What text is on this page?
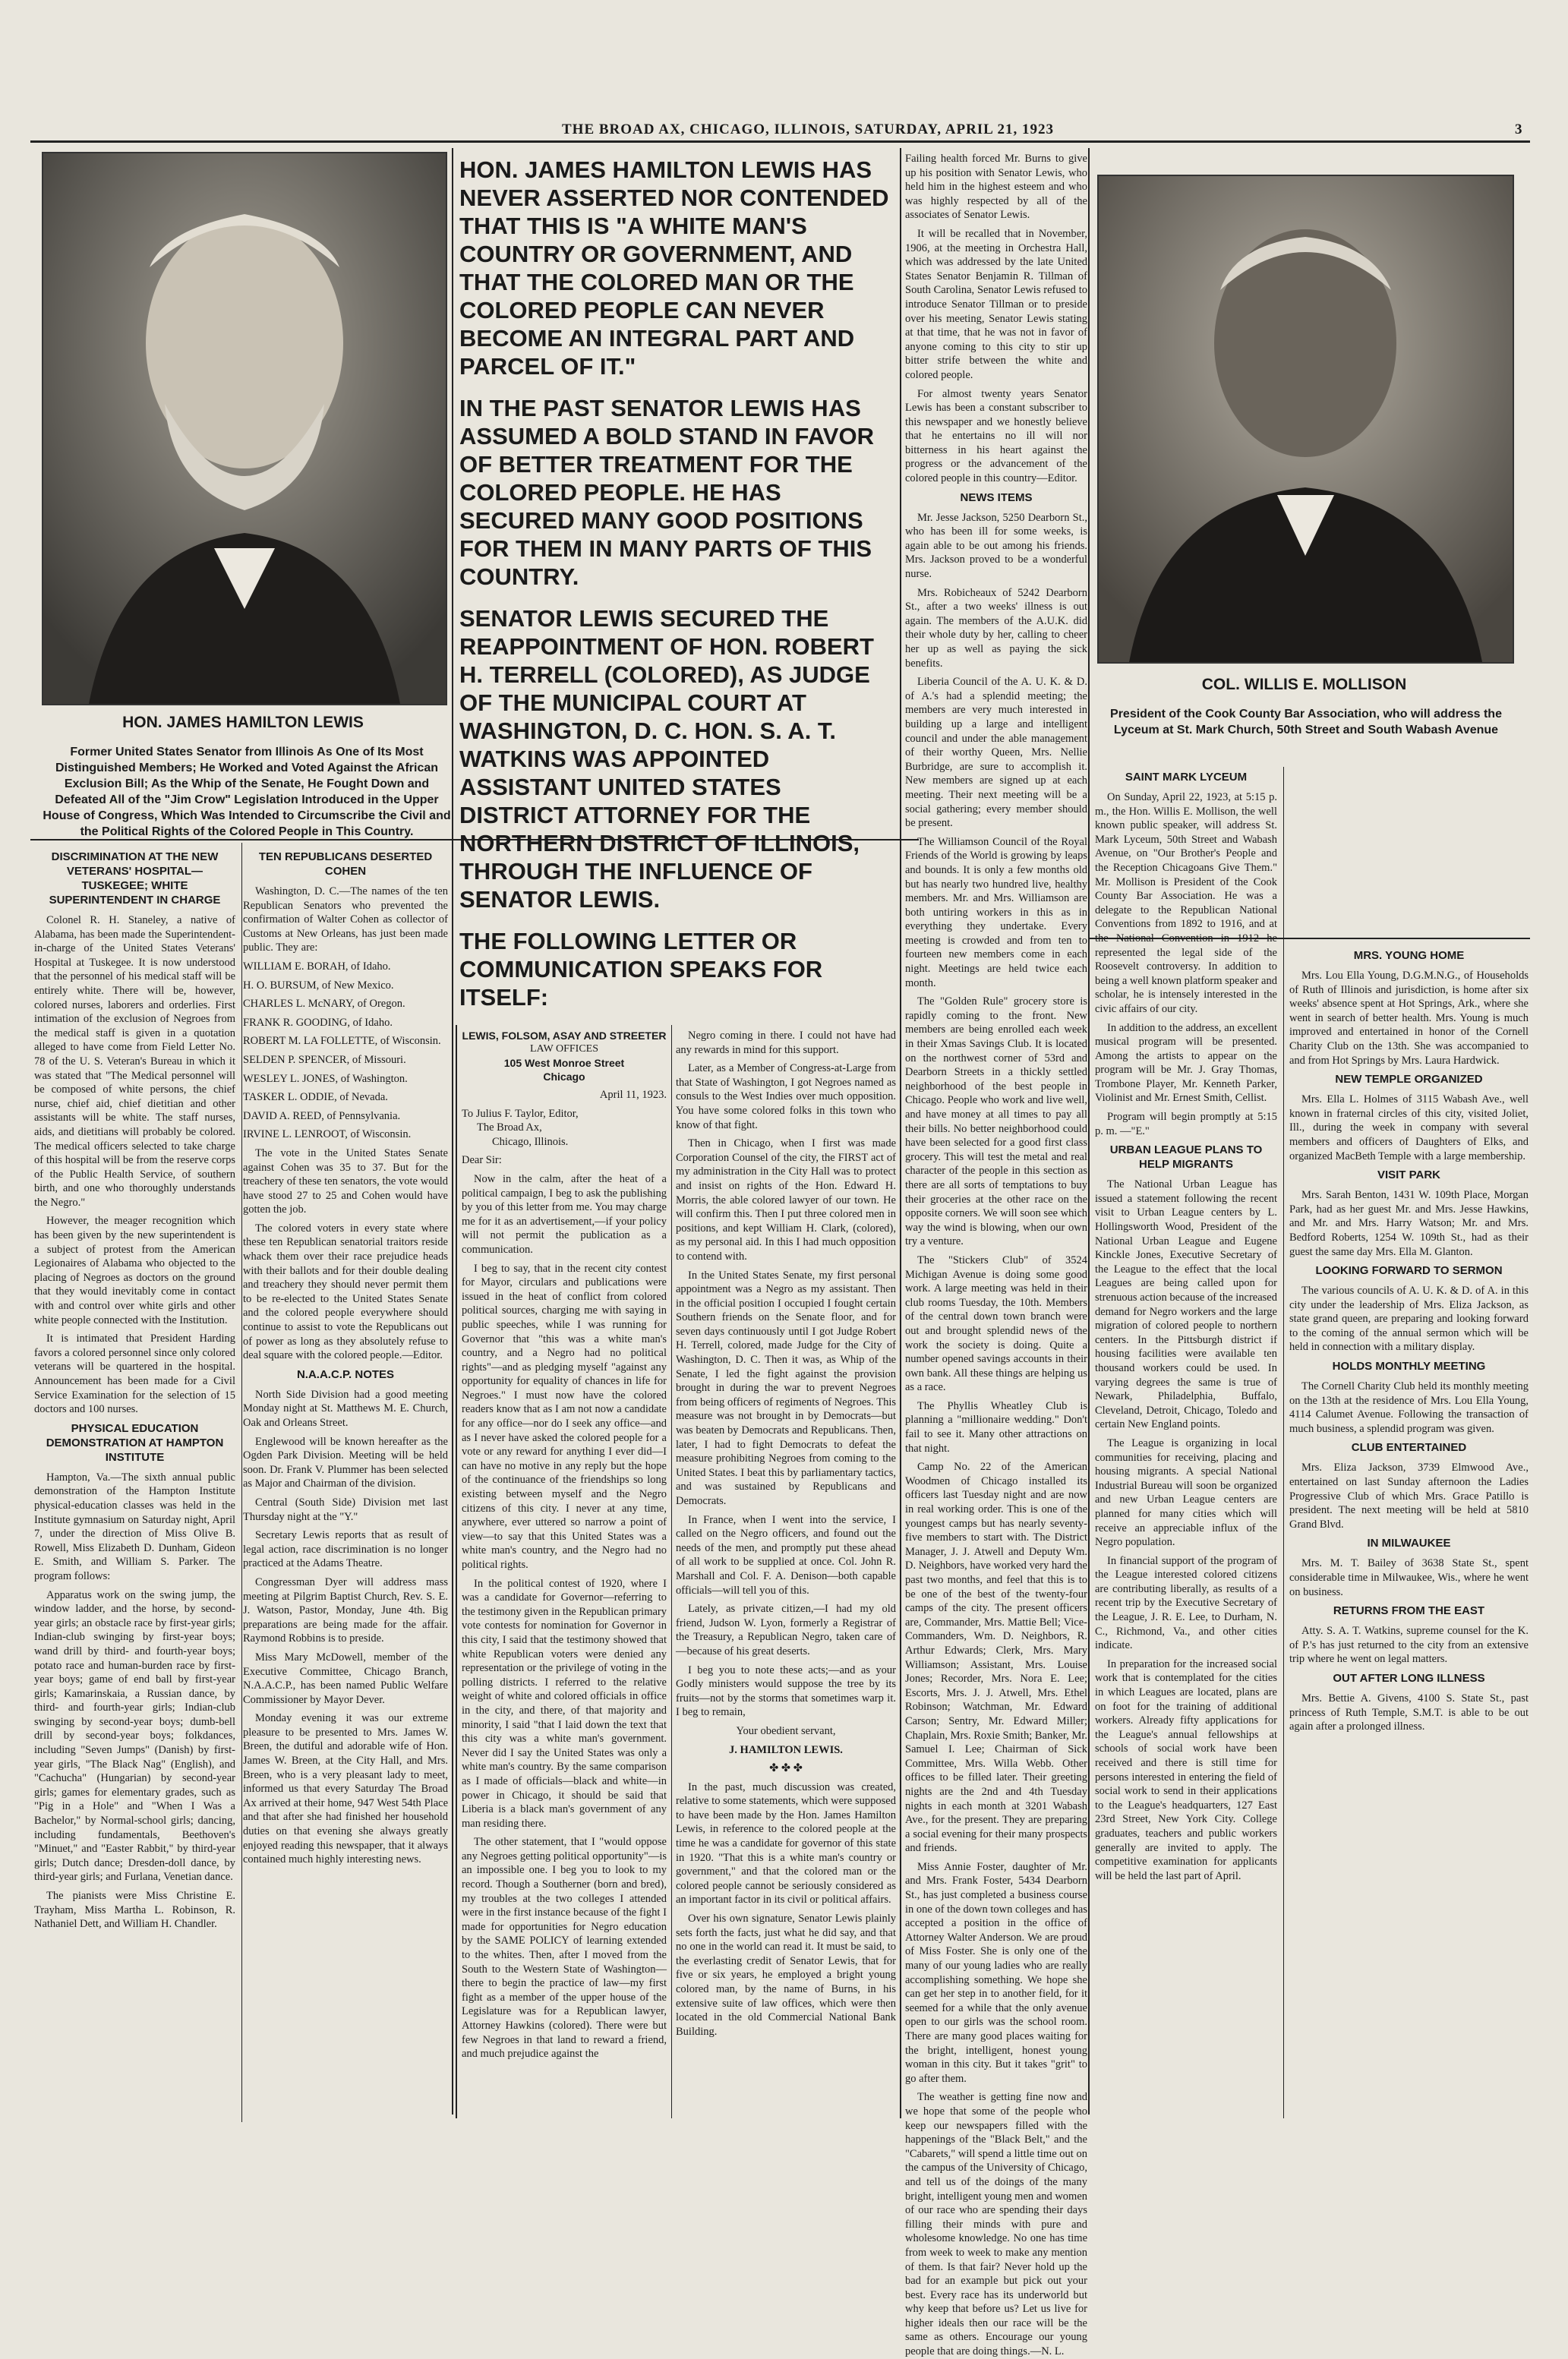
THE BROAD AX, CHICAGO, ILLINOIS, SATURDAY, APRIL 21, 1923	3
HON. JAMES HAMILTON LEWIS
Former United States Senator from Illinois As One of Its Most Distinguished Members; He Worked and Voted Against the African Exclusion Bill; As the Whip of the Senate, He Fought Down and Defeated All of the "Jim Crow" Legislation Introduced in the Upper House of Congress, Which Was Intended to Circumscribe the Civil and the Political Rights of the Colored People in This Country.
COL. WILLIS E. MOLLISON
President of the Cook County Bar Association, who will address the Lyceum at St. Mark Church, 50th Street and South Wabash Avenue
HON. JAMES HAMILTON LEWIS HAS NEVER ASSERTED NOR CONTENDED THAT THIS IS "A WHITE MAN'S COUNTRY OR GOVERNMENT, AND THAT THE COLORED MAN OR THE COLORED PEOPLE CAN NEVER BECOME AN INTEGRAL PART AND PARCEL OF IT."
IN THE PAST SENATOR LEWIS HAS ASSUMED A BOLD STAND IN FAVOR OF BETTER TREATMENT FOR THE COLORED PEOPLE. HE HAS SECURED MANY GOOD POSITIONS FOR THEM IN MANY PARTS OF THIS COUNTRY.
SENATOR LEWIS SECURED THE REAPPOINTMENT OF HON. ROBERT H. TERRELL (COLORED), AS JUDGE OF THE MUNICIPAL COURT AT WASHINGTON, D. C. HON. S. A. T. WATKINS WAS APPOINTED ASSISTANT UNITED STATES DISTRICT ATTORNEY FOR THE NORTHERN DISTRICT OF ILLINOIS, THROUGH THE INFLUENCE OF SENATOR LEWIS.
THE FOLLOWING LETTER OR COMMUNICATION SPEAKS FOR ITSELF:
DISCRIMINATION AT THE NEW VETERANS' HOSPITAL—TUSKEGEE; WHITE SUPERINTENDENT IN CHARGE

Colonel R. H. Staneley, a native of Alabama, has been made the Superintendent-in-charge of the United States Veterans' Hospital at Tuskegee. It is now understood that the personnel of his medical staff will be entirely white. There will be, however, colored nurses, laborers and orderlies. First intimation of the exclusion of Negroes from the medical staff is given in a quotation alleged to have come from Field Letter No. 78 of the U. S. Veteran's Bureau in which it was stated that "The Medical personnel will be composed of white persons, the chief nurse, chief aid, chief dietitian and other assistants will be white. The staff nurses, aids, and dietitians will probably be colored. The medical officers selected to take charge of this hospital will be from the reserve corps of the Public Health Service, of southern birth, and one who thoroughly understands the Negro."

However, the meager recognition which has been given by the new superintendent is a subject of protest from the American Legionaires of Alabama who objected to the placing of Negroes as doctors on the ground that they would inevitably come in contact with and control over white girls and other white people connected with the Institution.

It is intimated that President Harding favors a colored personnel since only colored veterans will be quartered in the hospital. Announcement has been made for a Civil Service Examination for the selection of 15 doctors and 100 nurses.

PHYSICAL EDUCATION DEMONSTRATION AT HAMPTON INSTITUTE

Hampton, Va.—The sixth annual public demonstration of the Hampton Institute physical-education classes was held in the Institute gymnasium on Saturday night, April 7, under the direction of Miss Olive B. Rowell, Miss Elizabeth D. Dunham, Gideon E. Smith, and William S. Parker. The program follows:

Apparatus work on the swing jump, the window ladder, and the horse, by second-year girls; an obstacle race by first-year girls; Indian-club swinging by first-year boys; wand drill by third- and fourth-year boys; potato race and human-burden race by first-year boys; game of end ball by first-year girls; Kamarinskaia, a Russian dance, by third- and fourth-year girls; Indian-club swinging by second-year boys; dumb-bell drill by second-year boys; folkdances, including "Seven Jumps" (Danish) by first-year girls, "The Black Nag" (English), and "Cachucha" (Hungarian) by second-year girls; games for elementary grades, such as "Pig in a Hole" and "When I Was a Bachelor," by Normal-school girls; dancing, including fundamentals, Beethoven's "Minuet," and "Easter Rabbit," by third-year girls; Dutch dance; Dresden-doll dance, by third-year girls; and Furlana, Venetian dance.

The pianists were Miss Christine E. Trayham, Miss Martha L. Robinson, R. Nathaniel Dett, and William H. Chandler.

TEN REPUBLICANS DESERTED COHEN

Washington, D. C.—The names of the ten Republican Senators who prevented the confirmation of Walter Cohen as collector of Customs at New Orleans, has just been made public. They are:

WILLIAM E. BORAH, of Idaho.

H. O. BURSUM, of New Mexico.

CHARLES L. McNARY, of Oregon.

FRANK R. GOODING, of Idaho.

ROBERT M. LA FOLLETTE, of Wisconsin.

SELDEN P. SPENCER, of Missouri.

WESLEY L. JONES, of Washington.

TASKER L. ODDIE, of Nevada.

DAVID A. REED, of Pennsylvania.

IRVINE L. LENROOT, of Wisconsin.

The vote in the United States Senate against Cohen was 35 to 37. But for the treachery of these ten senators, the vote would have stood 27 to 25 and Cohen would have gotten the job.

The colored voters in every state where these ten Republican senatorial traitors reside whack them over their race prejudice heads with their ballots and for their double dealing and treachery they should never permit them to be re-elected to the United States Senate and the colored people everywhere should continue to assist to vote the Republicans out of power as long as they absolutely refuse to deal square with the colored people.—Editor.

N.A.A.C.P. NOTES

North Side Division had a good meeting Monday night at St. Matthews M. E. Church, Oak and Orleans Street.

Englewood will be known hereafter as the Ogden Park Division. Meeting will be held soon. Dr. Frank V. Plummer has been selected as Major and Chairman of the division.

Central (South Side) Division met last Thursday night at the "Y."

Secretary Lewis reports that as result of legal action, race discrimination is no longer practiced at the Adams Theatre.

Congressman Dyer will address mass meeting at Pilgrim Baptist Church, Rev. S. E. J. Watson, Pastor, Monday, June 4th. Big preparations are being made for the affair. Raymond Robbins is to preside.

Miss Mary McDowell, member of the Executive Committee, Chicago Branch, N.A.A.C.P., has been named Public Welfare Commissioner by Mayor Dever.

Monday evening it was our extreme pleasure to be presented to Mrs. James W. Breen, the dutiful and adorable wife of Hon. James W. Breen, at the City Hall, and Mrs. Breen, who is a very pleasant lady to meet, informed us that every Saturday The Broad Ax arrived at their home, 947 West 54th Place and that after she had finished her household duties on that evening she always greatly enjoyed reading this newspaper, that it always contained much highly interesting news.

LEWIS, FOLSOM, ASAY AND STREETER
LAW OFFICES
105 West Monroe Street
Chicago
April 11, 1923.
To Julius F. Taylor, Editor,
The Broad Ax,
Chicago, Illinois.
Dear Sir:

Now in the calm, after the heat of a political campaign, I beg to ask the publishing by you of this letter from me. You may charge me for it as an advertisement,—if your policy will not permit the publication as a communication.

I beg to say, that in the recent city contest for Mayor, circulars and publications were issued in the heat of conflict from colored political sources, charging me with saying in public speeches, while I was running for Governor that "this was a white man's country, and a Negro had no political rights"—and as pledging myself "against any opportunity for equality of chances in life for Negroes." I must now have the colored readers know that as I am not now a candidate for any office—nor do I seek any office—and as I never have asked the colored people for a vote or any reward for anything I ever did—I can have no motive in any reply but the hope of the continuance of the friendships so long existing between myself and the Negro citizens of this city. I never at any time, anywhere, ever uttered so narrow a point of view—to say that this United States was a white man's country, and the Negro had no political rights.

In the political contest of 1920, where I was a candidate for Governor—referring to the testimony given in the Republican primary vote contests for nomination for Governor in this city, I said that the testimony showed that white Republican voters were denied any representation or the privilege of voting in the polling districts. I referred to the relative weight of white and colored officials in office in the city, and there, of that majority and minority, I said "that I laid down the text that this city was a white man's government. Never did I say the United States was only a white man's country. By the same comparison as I made of officials—black and white—in power in Chicago, it should be said that Liberia is a black man's government of any man residing there.

The other statement, that I "would oppose any Negroes getting political opportunity"—is an impossible one. I beg you to look to my record. Though a Southerner (born and bred), my troubles at the two colleges I attended were in the first instance because of the fight I made for opportunities for Negro education by the SAME POLICY of learning extended to the whites. Then, after I moved from the South to the Western State of Washington—there to begin the practice of law—my first fight as a member of the upper house of the Legislature was for a Republican lawyer, Attorney Hawkins (colored). There were but few Negroes in that land to reward a friend, and much prejudice against the

Negro coming in there. I could not have had any rewards in mind for this support.

Later, as a Member of Congress-at-Large from that State of Washington, I got Negroes named as consuls to the West Indies over much opposition. You have some colored folks in this town who know of that fight.

Then in Chicago, when I first was made Corporation Counsel of the city, the FIRST act of my administration in the City Hall was to protect and insist on rights of the Hon. Edward H. Morris, the able colored lawyer of our town. He will confirm this. Then I put three colored men in positions, and kept William H. Clark, (colored), as my personal aid. In this I had much opposition to contend with.

In the United States Senate, my first personal appointment was a Negro as my assistant. Then in the official position I occupied I fought certain Southern friends on the Senate floor, and for seven days continuously until I got Judge Robert H. Terrell, colored, made Judge for the City of Washington, D. C. Then it was, as Whip of the Senate, I led the fight against the provision brought in during the war to prevent Negroes from being officers of regiments of Negroes. This measure was not brought in by Democrats—but was beaten by Democrats and Republicans. Then, later, I had to fight Democrats to defeat the measure prohibiting Negroes from coming to the United States. I beat this by parliamentary tactics, and was sustained by Republicans and Democrats.

In France, when I went into the service, I called on the Negro officers, and found out the needs of the men, and promptly put these ahead of all work to be supplied at once. Col. John R. Marshall and Col. F. A. Denison—both capable officials—will tell you of this.

Lately, as private citizen,—I had my old friend, Judson W. Lyon, formerly a Registrar of the Treasury, a Republican Negro, taken care of—because of his great deserts.

I beg you to note these acts;—and as your Godly ministers would suppose the tree by its fruits—not by the storms that sometimes warp it. I beg to remain,

Your obedient servant,

J. HAMILTON LEWIS.

✤ ✤ ✤

In the past, much discussion was created, relative to some statements, which were supposed to have been made by the Hon. James Hamilton Lewis, in reference to the colored people at the time he was a candidate for governor of this state in 1920. "That this is a white man's country or government," and that the colored man or the colored people cannot be seriously considered as an important factor in its civil or political affairs.

Over his own signature, Senator Lewis plainly sets forth the facts, just what he did say, and that no one in the world can read it. It must be said, to the everlasting credit of Senator Lewis, that for five or six years, he employed a bright young colored man, by the name of Burns, in his extensive suite of law offices, which were then located in the old Commercial National Bank Building.

Failing health forced Mr. Burns to give up his position with Senator Lewis, who held him in the highest esteem and who was highly respected by all of the associates of Senator Lewis.

It will be recalled that in November, 1906, at the meeting in Orchestra Hall, which was addressed by the late United States Senator Benjamin R. Tillman of South Carolina, Senator Lewis refused to introduce Senator Tillman or to preside over his meeting, Senator Lewis stating at that time, that he was not in favor of anyone coming to this city to stir up bitter strife between the white and colored people.

For almost twenty years Senator Lewis has been a constant subscriber to this newspaper and we honestly believe that he entertains no ill will nor bitterness in his heart against the progress or the advancement of the colored people in this country—Editor.

NEWS ITEMS

Mr. Jesse Jackson, 5250 Dearborn St., who has been ill for some weeks, is again able to be out among his friends. Mrs. Jackson proved to be a wonderful nurse.

Mrs. Robicheaux of 5242 Dearborn St., after a two weeks' illness is out again. The members of the A.U.K. did their whole duty by her, calling to cheer her up as well as paying the sick benefits.

Liberia Council of the A. U. K. & D. of A.'s had a splendid meeting; the members are very much interested in building up a large and intelligent council and under the able management of their worthy Queen, Mrs. Nellie Burbridge, are sure to accomplish it. New members are signed up at each meeting. Their next meeting will be a social gathering; every member should be present.

The Williamson Council of the Royal Friends of the World is growing by leaps and bounds. It is only a few months old but has nearly two hundred live, healthy members. Mr. and Mrs. Williamson are both untiring workers in this as in everything they undertake. Every meeting is crowded and from ten to fourteen new members come in each night. Meetings are held twice each month.

The "Golden Rule" grocery store is rapidly coming to the front. New members are being enrolled each week in their Xmas Savings Club. It is located on the northwest corner of 53rd and Dearborn Streets in a thickly settled neighborhood of the best people in Chicago. People who work and live well, and have money at all times to pay all their bills. No better neighborhood could have been selected for a good first class grocery. This will test the metal and real character of the people in this section as there are all sorts of temptations to buy their groceries at the other race on the opposite corners. We will soon see which way the wind is blowing, when our own try a venture.

The "Stickers Club" of 3524 Michigan Avenue is doing some good work. A large meeting was held in their club rooms Tuesday, the 10th. Members of the central down town branch were out and brought splendid news of the work the society is doing. Quite a number opened savings accounts in their own bank. All these things are helping us as a race.

The Phyllis Wheatley Club is planning a "millionaire wedding." Don't fail to see it. Many other attractions on that night.

Camp No. 22 of the American Woodmen of Chicago installed its officers last Tuesday night and are now in real working order. This is one of the youngest camps but has nearly seventy-five members to start with. The District Manager, J. J. Atwell and Deputy Wm. D. Neighbors, have worked very hard the past two months, and feel that this is to be one of the best of the twenty-four camps of the city. The present officers are, Commander, Mrs. Mattie Bell; Vice-Commanders, Wm. D. Neighbors, R. Arthur Edwards; Clerk, Mrs. Mary Williamson; Assistant, Mrs. Louise Jones; Recorder, Mrs. Nora E. Lee; Escorts, Mrs. J. J. Atwell, Mrs. Ethel Robinson; Watchman, Mr. Edward Carson; Sentry, Mr. Edward Miller; Chaplain, Mrs. Roxie Smith; Banker, Mr. Samuel I. Lee; Chairman of Sick Committee, Mrs. Willa Webb. Other offices to be filled later. Their greeting nights are the 2nd and 4th Tuesday nights in each month at 3201 Wabash Ave., for the present. They are preparing a social evening for their many prospects and friends.

Miss Annie Foster, daughter of Mr. and Mrs. Frank Foster, 5434 Dearborn St., has just completed a business course in one of the down town colleges and has accepted a position in the office of Attorney Walter Anderson. We are proud of Miss Foster. She is only one of the many of our young ladies who are really accomplishing something. We hope she can get her step in to another field, for it seemed for a while that the only avenue open to our girls was the school room. There are many good places waiting for the bright, intelligent, honest young woman in this city. But it takes "grit" to go after them.

The weather is getting fine now and we hope that some of the people who keep our newspapers filled with the happenings of the "Black Belt," and the "Cabarets," will spend a little time out on the campus of the University of Chicago, and tell us of the doings of the many bright, intelligent young men and women of our race who are spending their days filling their minds with pure and wholesome knowledge. No one has time from week to week to make any mention of them. Is that fair? Never hold up the bad for an example but pick out your best. Every race has its underworld but why keep that before us? Let us live for higher ideals then our race will be the same as others. Encourage our young people that are doing things.—N. L.

SAINT MARK LYCEUM

On Sunday, April 22, 1923, at 5:15 p. m., the Hon. Willis E. Mollison, the well known public speaker, will address St. Mark Lyceum, 50th Street and Wabash Avenue, on "Our Brother's People and the Reception Chicagoans Give Them." Mr. Mollison is President of the Cook County Bar Association. He was a delegate to the Republican National Conventions from 1892 to 1916, and at the National Convention in 1912 he represented the legal side of the Roosevelt controversy. In addition to being a well known platform speaker and scholar, he is intensely interested in the civic affairs of our city.

In addition to the address, an excellent musical program will be presented. Among the artists to appear on the program will be Mr. J. Gray Thomas, Trombone Player, Mr. Kenneth Parker, Violinist and Mr. Ernest Smith, Cellist.

Program will begin promptly at 5:15 p. m. —"E."

URBAN LEAGUE PLANS TO HELP MIGRANTS

The National Urban League has issued a statement following the recent visit to Urban League centers by L. Hollingsworth Wood, President of the National Urban League and Eugene Kinckle Jones, Executive Secretary of the League to the effect that the local Leagues are being called upon for strenuous action because of the increased demand for Negro workers and the large migration of colored people to northern centers. In the Pittsburgh district if housing facilities were available ten thousand workers could be used. In varying degrees the same is true of Newark, Philadelphia, Buffalo, Cleveland, Detroit, Chicago, Toledo and certain New England points.

The League is organizing in local communities for receiving, placing and housing migrants. A special National Industrial Bureau will soon be organized and new Urban League centers are planned for many cities which will receive an appreciable influx of the Negro population.

In financial support of the program of the League interested colored citizens are contributing liberally, as results of a recent trip by the Executive Secretary of the League, J. R. E. Lee, to Durham, N. C., Richmond, Va., and other cities indicate.

In preparation for the increased social work that is contemplated for the cities in which Leagues are located, plans are on foot for the training of additional workers. Already fifty applications for the League's annual fellowships at schools of social work have been received and there is still time for persons interested in entering the field of social work to send in their applications to the League's headquarters, 127 East 23rd Street, New York City. College graduates, teachers and public workers generally are invited to apply. The competitive examination for applicants will be held the last part of April.

MRS. YOUNG HOME

Mrs. Lou Ella Young, D.G.M.N.G., of Households of Ruth of Illinois and jurisdiction, is home after six weeks' absence spent at Hot Springs, Ark., where she went in search of better health. Mrs. Young is much improved and entertained in honor of the Cornell Charity Club on the 13th. She was accompanied to and from Hot Springs by Mrs. Laura Hardwick.

NEW TEMPLE ORGANIZED

Mrs. Ella L. Holmes of 3115 Wabash Ave., well known in fraternal circles of this city, visited Joliet, Ill., during the week in company with several members and officers of Daughters of Elks, and organized MacBeth Temple with a large membership.

VISIT PARK

Mrs. Sarah Benton, 1431 W. 109th Place, Morgan Park, had as her guest Mr. and Mrs. Jesse Hawkins, and Mr. and Mrs. Harry Watson; Mr. and Mrs. Bedford Roberts, 1254 W. 109th St., had as their guest the same day Mrs. Ella M. Glanton.

LOOKING FORWARD TO SERMON

The various councils of A. U. K. & D. of A. in this city under the leadership of Mrs. Eliza Jackson, as state grand queen, are preparing and looking forward to the coming of the annual sermon which will be held in connection with a military display.

HOLDS MONTHLY MEETING

The Cornell Charity Club held its monthly meeting on the 13th at the residence of Mrs. Lou Ella Young, 4114 Calumet Avenue. Following the transaction of much business, a splendid program was given.

CLUB ENTERTAINED

Mrs. Eliza Jackson, 3739 Elmwood Ave., entertained on last Sunday afternoon the Ladies Progressive Club of which Mrs. Grace Patillo is president. The next meeting will be held at 5810 Grand Blvd.

IN MILWAUKEE

Mrs. M. T. Bailey of 3638 State St., spent considerable time in Milwaukee, Wis., where he went on business.

RETURNS FROM THE EAST

Atty. S. A. T. Watkins, supreme counsel for the K. of P.'s has just returned to the city from an extensive trip where he went on legal matters.

OUT AFTER LONG ILLNESS

Mrs. Bettie A. Givens, 4100 S. State St., past princess of Ruth Temple, S.M.T. is able to be out again after a prolonged illness.
